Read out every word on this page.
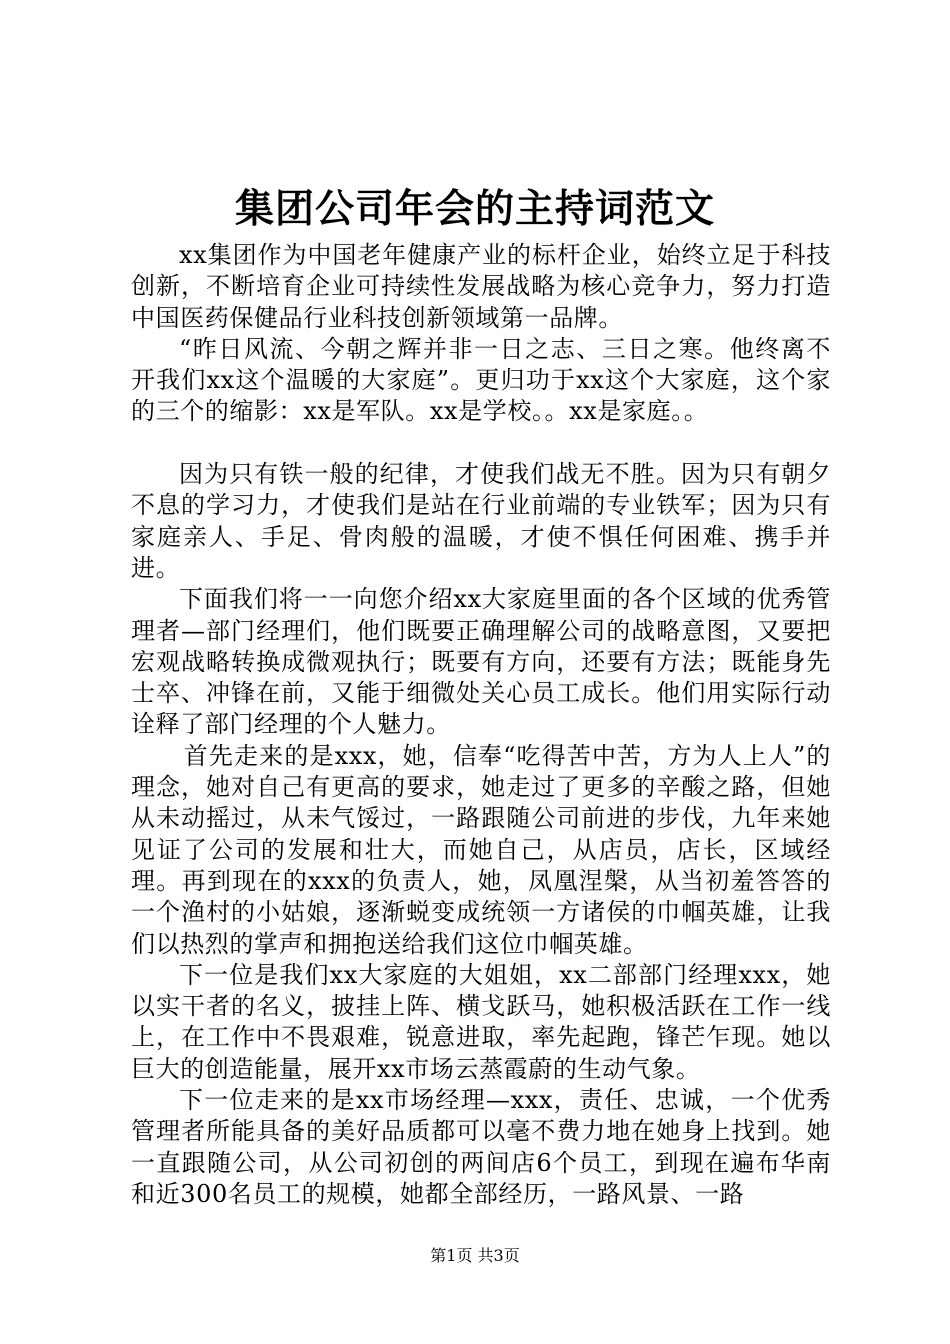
集团公司年会的主持词范文

xx集团作为中国老年健康产业的标杆企业，始终立足于科技创新，不断培育企业可持续性发展战略为核心竞争力，努力打造中国医药保健品行业科技创新领域第一品牌。

“昨日风流、今朝之辉并非一日之志、三日之寒。他终离不开我们xx这个温暖的大家庭”。更归功于xx这个大家庭，这个家的三个的缩影：xx是军队。xx是学校。。xx是家庭。。

因为只有铁一般的纪律，才使我们战无不胜。因为只有朝夕不息的学习力，才使我们是站在行业前端的专业铁军；因为只有家庭亲人、手足、骨肉般的温暖，才使不惧任何困难、携手并进。

下面我们将一一向您介绍xx大家庭里面的各个区域的优秀管理者—部门经理们，他们既要正确理解公司的战略意图，又要把宏观战略转换成微观执行；既要有方向，还要有方法；既能身先士卒、冲锋在前，又能于细微处关心员工成长。他们用实际行动诠释了部门经理的个人魅力。

首先走来的是xxx，她，信奉“吃得苦中苦，方为人上人”的理念，她对自己有更高的要求，她走过了更多的辛酸之路，但她从未动摇过，从未气馁过，一路跟随公司前进的步伐，九年来她见证了公司的发展和壮大，而她自己，从店员，店长，区域经理。再到现在的xxx的负责人，她，凤凰涅槃，从当初羞答答的一个渔村的小姑娘，逐渐蜕变成统领一方诸侯的巾帼英雄，让我们以热烈的掌声和拥抱送给我们这位巾帼英雄。

下一位是我们xx大家庭的大姐姐，xx二部部门经理xxx，她以实干者的名义，披挂上阵、横戈跃马，她积极活跃在工作一线上，在工作中不畏艰难，锐意进取，率先起跑，锋芒乍现。她以巨大的创造能量，展开xx市场云蒸霞蔚的生动气象。

下一位走来的是xx市场经理—xxx，责任、忠诚，一个优秀管理者所能具备的美好品质都可以毫不费力地在她身上找到。她一直跟随公司，从公司初创的两间店6个员工，到现在遍布华南和近300名员工的规模，她都全部经历，一路风景、一路

第1页 共3页
